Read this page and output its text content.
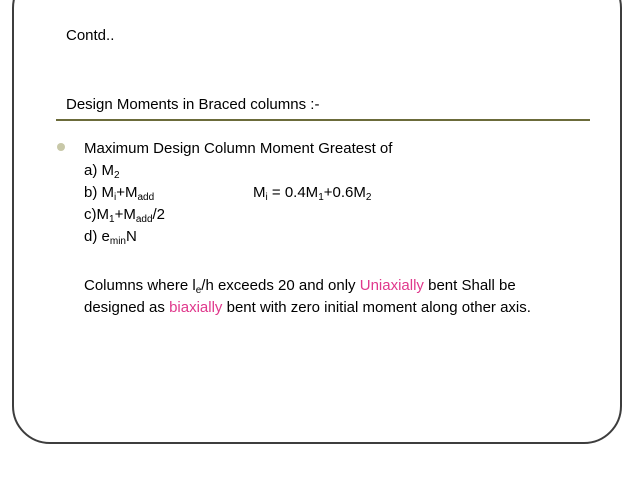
Contd..
Design Moments in Braced columns :-
Maximum Design Column Moment Greatest of
a) $M_2$
b) $M_i+M_{add}$	$M_i = 0.4M_1+0.6M_2$
$c)M_1+M_{add}/2$
d) $e_{min}N$
Columns where $l_e/h$ exceeds 20 and only Uniaxially bent Shall be
designed as biaxially bent with zero initial moment along other axis.
